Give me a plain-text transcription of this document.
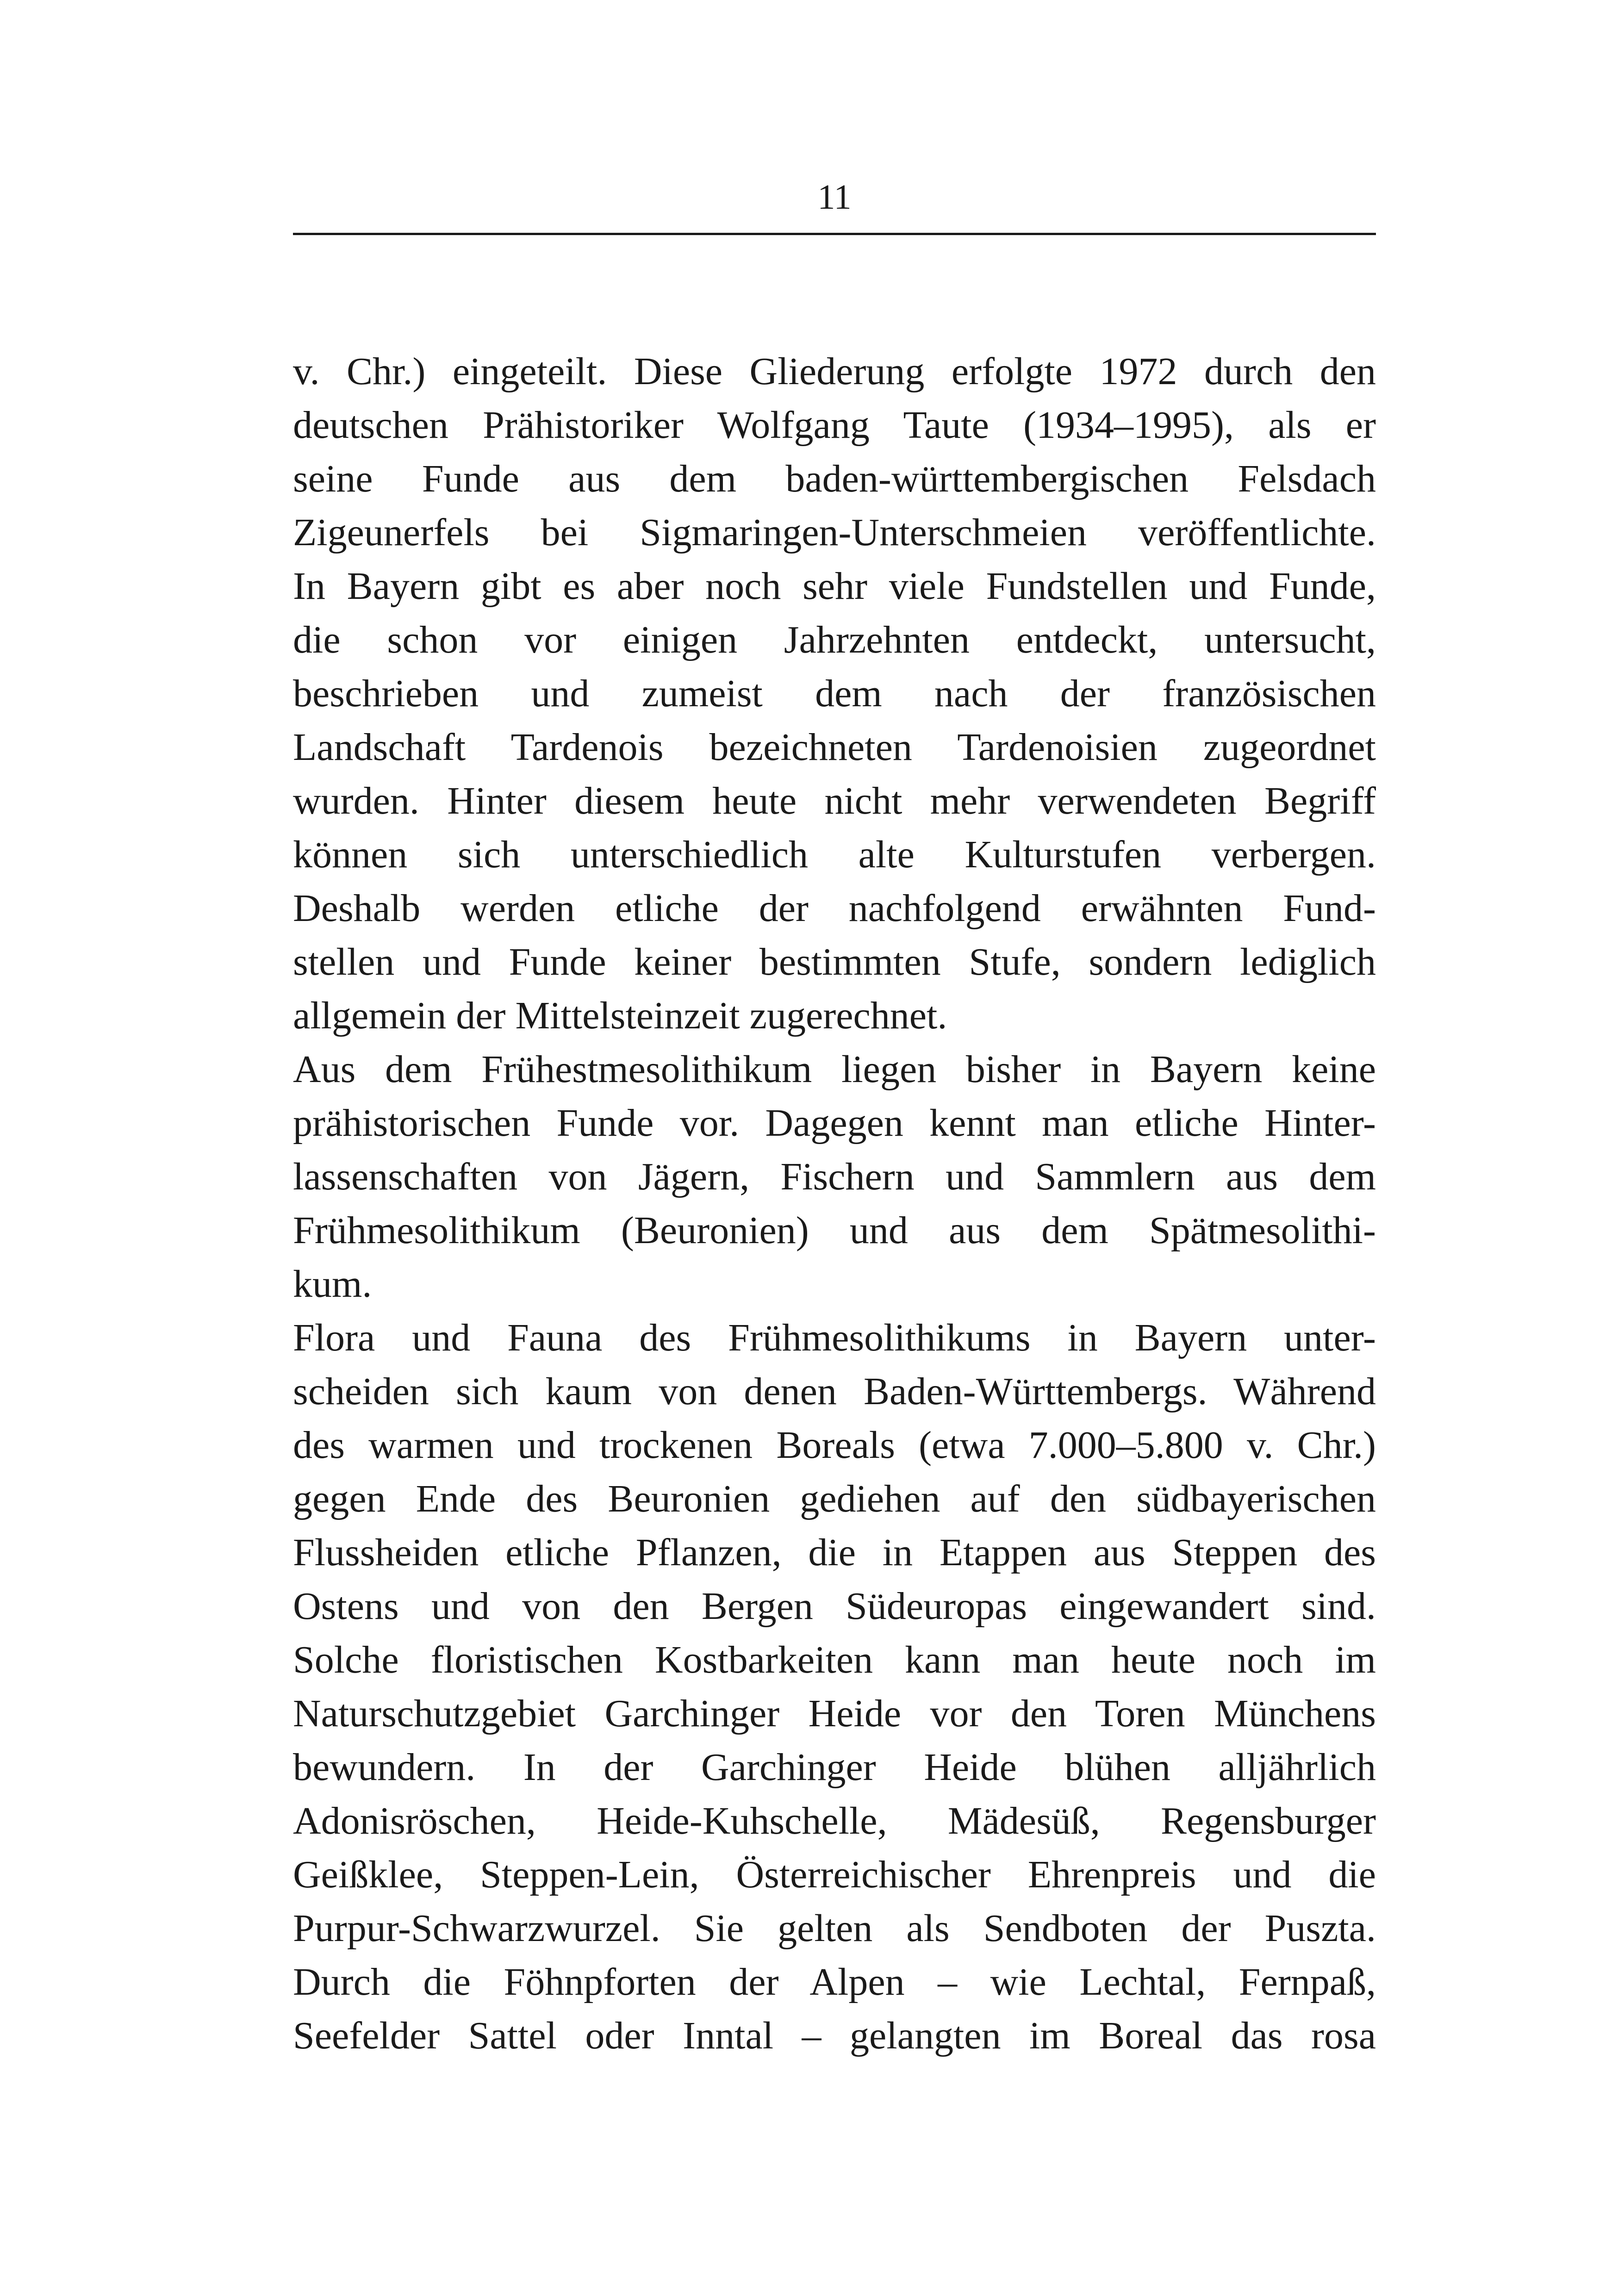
11
v. Chr.) eingeteilt. Diese Gliederung erfolgte 1972 durch den
deutschen Prähistoriker Wolfgang Taute (1934–1995), als er
seine Funde aus dem baden-württembergischen Felsdach
Zigeunerfels bei Sigmaringen-Unterschmeien veröffentlichte.
In Bayern gibt es aber noch sehr viele Fundstellen und Funde,
die schon vor einigen Jahrzehnten entdeckt, untersucht,
beschrieben und zumeist dem nach der französischen
Landschaft Tardenois bezeichneten Tardenoisien zugeordnet
wurden. Hinter diesem heute nicht mehr verwendeten Begriff
können sich unterschiedlich alte Kulturstufen verbergen.
Deshalb werden etliche der nachfolgend erwähnten Fund-
stellen und Funde keiner bestimmten Stufe, sondern lediglich
allgemein der Mittelsteinzeit zugerechnet.
Aus dem Frühestmesolithikum liegen bisher in Bayern keine
prähistorischen Funde vor. Dagegen kennt man etliche Hinter-
lassenschaften von Jägern, Fischern und Sammlern aus dem
Frühmesolithikum (Beuronien) und aus dem Spätmesolithi-
kum.
Flora und Fauna des Frühmesolithikums in Bayern unter-
scheiden sich kaum von denen Baden-Württembergs. Während
des warmen und trockenen Boreals (etwa 7.000–5.800 v. Chr.)
gegen Ende des Beuronien gediehen auf den südbayerischen
Flussheiden etliche Pflanzen, die in Etappen aus Steppen des
Ostens und von den Bergen Südeuropas eingewandert sind.
Solche floristischen Kostbarkeiten kann man heute noch im
Naturschutzgebiet Garchinger Heide vor den Toren Münchens
bewundern. In der Garchinger Heide blühen alljährlich
Adonisröschen, Heide-Kuhschelle, Mädesüß, Regensburger
Geißklee, Steppen-Lein, Österreichischer Ehrenpreis und die
Purpur-Schwarzwurzel. Sie gelten als Sendboten der Puszta.
Durch die Föhnpforten der Alpen – wie Lechtal, Fernpaß,
Seefelder Sattel oder Inntal – gelangten im Boreal das rosa
